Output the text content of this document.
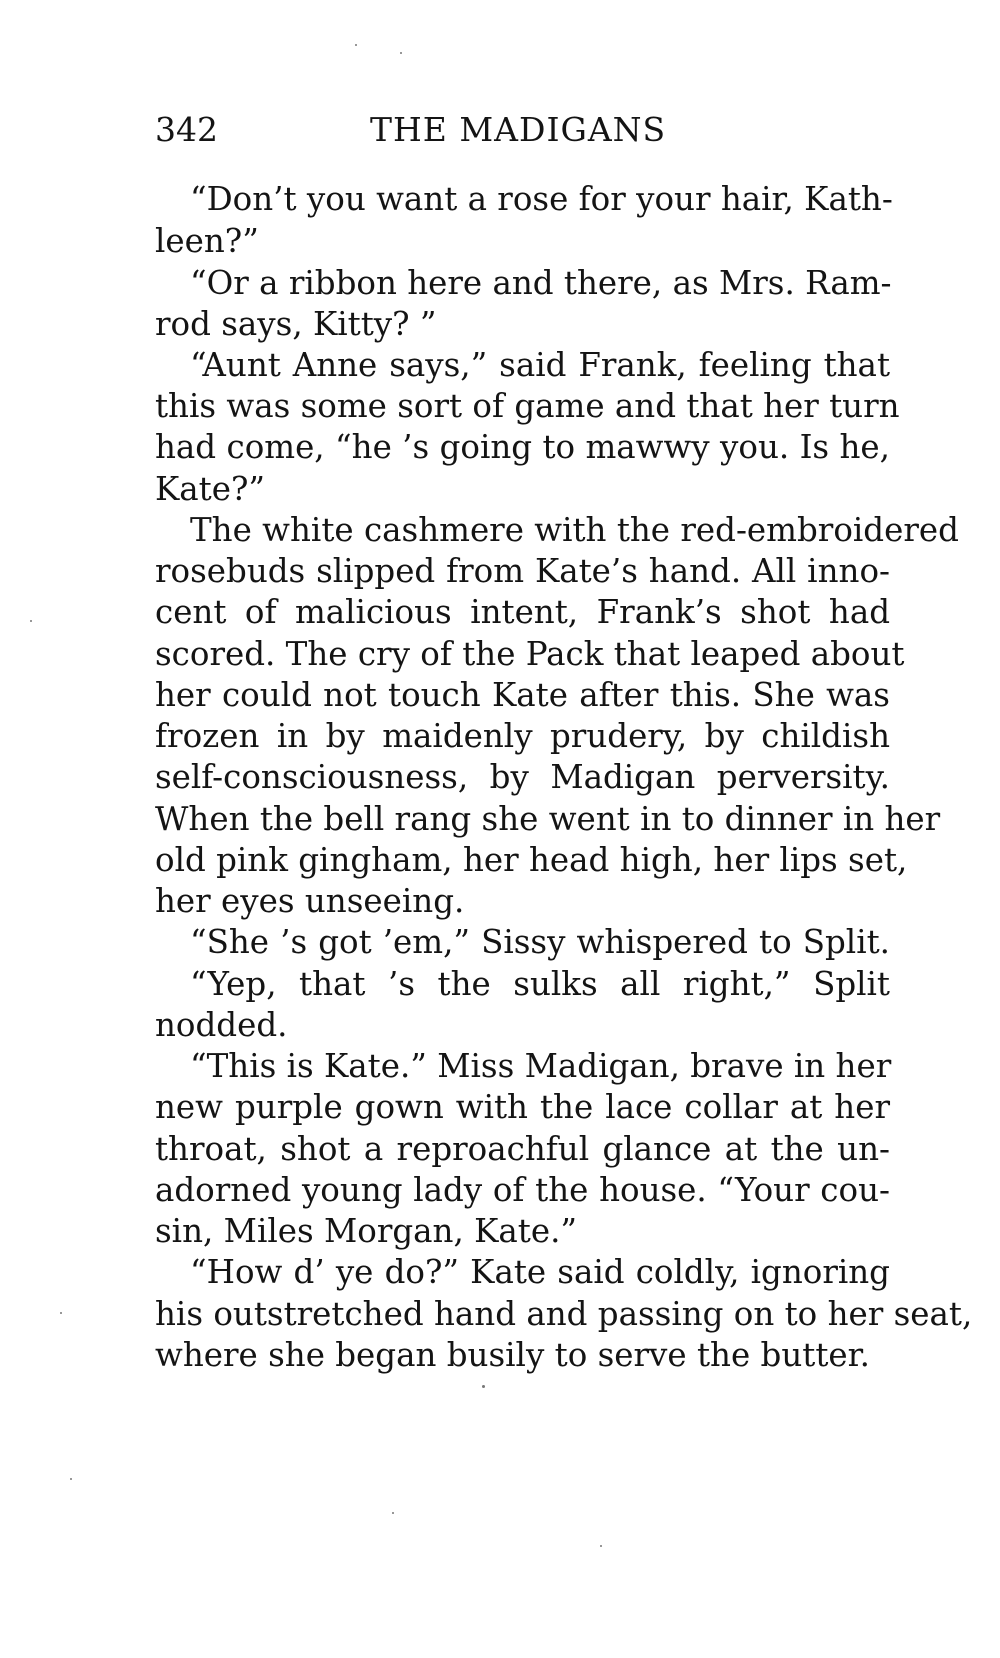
342	THE MADIGANS
“Don’t you want a rose for your hair, Kath-
leen?”
“Or a ribbon here and there, as Mrs. Ram-
rod says, Kitty? ”
“Aunt Anne says,” said Frank, feeling that
this was some sort of game and that her turn
had come, “he ’s going to mawwy you. Is he,
Kate?”
The white cashmere with the red-embroidered
rosebuds slipped from Kate’s hand. All inno-
cent of malicious intent, Frank’s shot had
scored. The cry of the Pack that leaped about
her could not touch Kate after this. She was
frozen in by maidenly prudery, by childish
self-consciousness, by Madigan perversity.
When the bell rang she went in to dinner in her
old pink gingham, her head high, her lips set,
her eyes unseeing.
“She ’s got ’em,” Sissy whispered to Split.
“Yep, that ’s the sulks all right,” Split
nodded.
“This is Kate.” Miss Madigan, brave in her
new purple gown with the lace collar at her
throat, shot a reproachful glance at the un-
adorned young lady of the house. “Your cou-
sin, Miles Morgan, Kate.”
“How d’ ye do?” Kate said coldly, ignoring
his outstretched hand and passing on to her seat,
where she began busily to serve the butter.
